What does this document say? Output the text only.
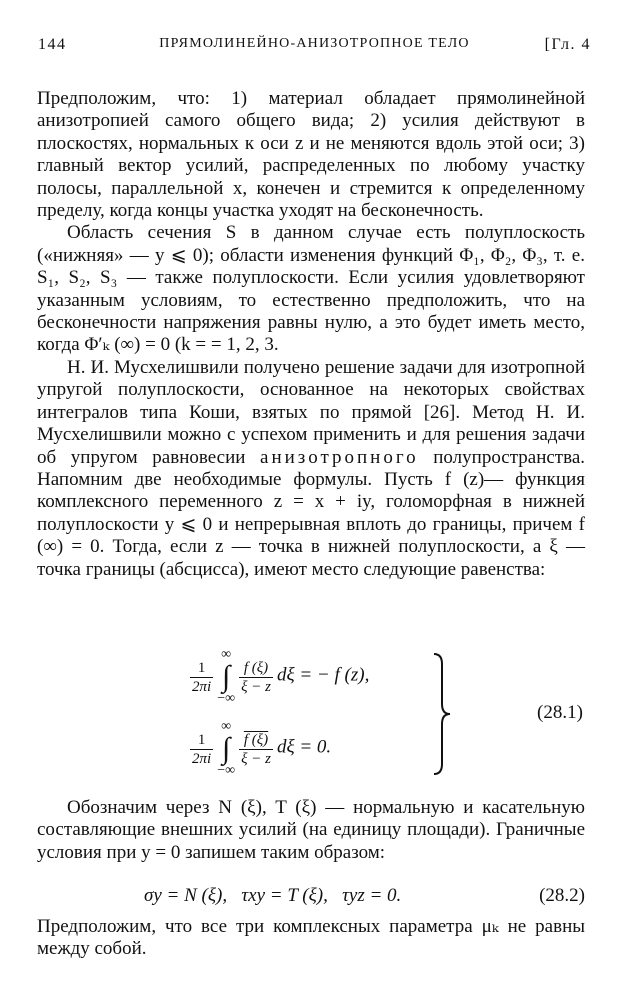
144	ПРЯМОЛИНЕЙНО-АНИЗОТРОПНОЕ ТЕЛО	[Гл. 4

Предположим, что: 1) материал обладает прямолинейной анизотропией самого общего вида; 2) усилия действуют в плоскостях, нормальных к оси z и не меняются вдоль этой оси; 3) главный вектор усилий, распределенных по любому участку полосы, параллельной x, конечен и стремится к определенному пределу, когда концы участка уходят на бесконечность.

Область сечения S в данном случае есть полуплоскость («нижняя» — y ⩽ 0); области изменения функций Φ₁, Φ₂, Φ₃, т. е. S₁, S₂, S₃ — также полуплоскости. Если усилия удовлетворяют указанным условиям, то естественно предположить, что на бесконечности напряжения равны нулю, а это будет иметь место, когда Φ′ₖ (∞) = 0 (k = = 1, 2, 3.

Н. И. Мусхелишвили получено решение задачи для изотропной упругой полуплоскости, основанное на некоторых свойствах интегралов типа Коши, взятых по прямой [26]. Метод Н. И. Мусхелишвили можно с успехом применить и для решения задачи об упругом равновесии анизотропного полупространства. Напомним две необходимые формулы. Пусть f (z)— функция комплексного переменного z = x + iy, голоморфная в нижней полуплоскости y ⩽ 0 и непрерывная вплоть до границы, причем f (∞) = 0. Тогда, если z — точка в нижней полуплоскости, а ξ — точка границы (абсцисса), имеют место следующие равенства:

$\frac{1}{2\pi i}$
∞
∫
−∞
$\frac{f (\xi)}{\xi - z}$ dξ = − f (z),
$\frac{1}{2\pi i}$
∞
∫
−∞
$\frac{f (\xi)}{\xi - z}$ dξ = 0.
(28.1)

Обозначим через N (ξ), T (ξ) — нормальную и касательную составляющие внешних усилий (на единицу площади). Граничные условия при y = 0 запишем таким образом:

σy = N (ξ),   τxy = T (ξ),   τyz = 0.	(28.2)

Предположим, что все три комплексных параметра μₖ не равны между собой.
